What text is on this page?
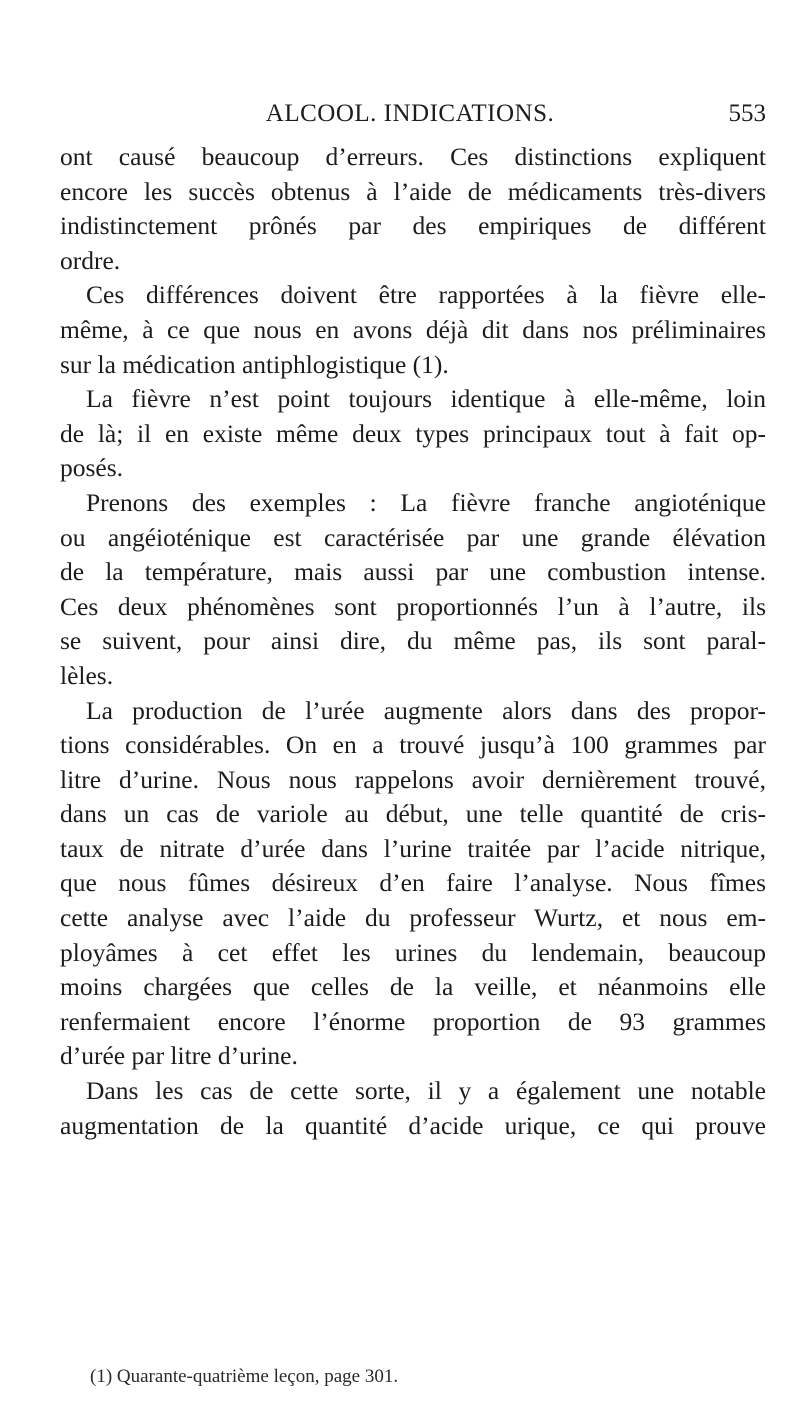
ALCOOL. INDICATIONS.	553
ont causé beaucoup d’erreurs. Ces distinctions expliquent
encore les succès obtenus à l’aide de médicaments très-divers
indistinctement prônés par des empiriques de différent
ordre.
Ces différences doivent être rapportées à la fièvre elle-
même, à ce que nous en avons déjà dit dans nos préliminaires
sur la médication antiphlogistique (1).
La fièvre n’est point toujours identique à elle-même, loin
de là; il en existe même deux types principaux tout à fait op-
posés.
Prenons des exemples : La fièvre franche angioténique
ou angéioténique est caractérisée par une grande élévation
de la température, mais aussi par une combustion intense.
Ces deux phénomènes sont proportionnés l’un à l’autre, ils
se suivent, pour ainsi dire, du même pas, ils sont paral-
lèles.
La production de l’urée augmente alors dans des propor-
tions considérables. On en a trouvé jusqu’à 100 grammes par
litre d’urine. Nous nous rappelons avoir dernièrement trouvé,
dans un cas de variole au début, une telle quantité de cris-
taux de nitrate d’urée dans l’urine traitée par l’acide nitrique,
que nous fûmes désireux d’en faire l’analyse. Nous fîmes
cette analyse avec l’aide du professeur Wurtz, et nous em-
ployâmes à cet effet les urines du lendemain, beaucoup
moins chargées que celles de la veille, et néanmoins elle
renfermaient encore l’énorme proportion de 93 grammes
d’urée par litre d’urine.
Dans les cas de cette sorte, il y a également une notable
augmentation de la quantité d’acide urique, ce qui prouve
(1) Quarante-quatrième leçon, page 301.
